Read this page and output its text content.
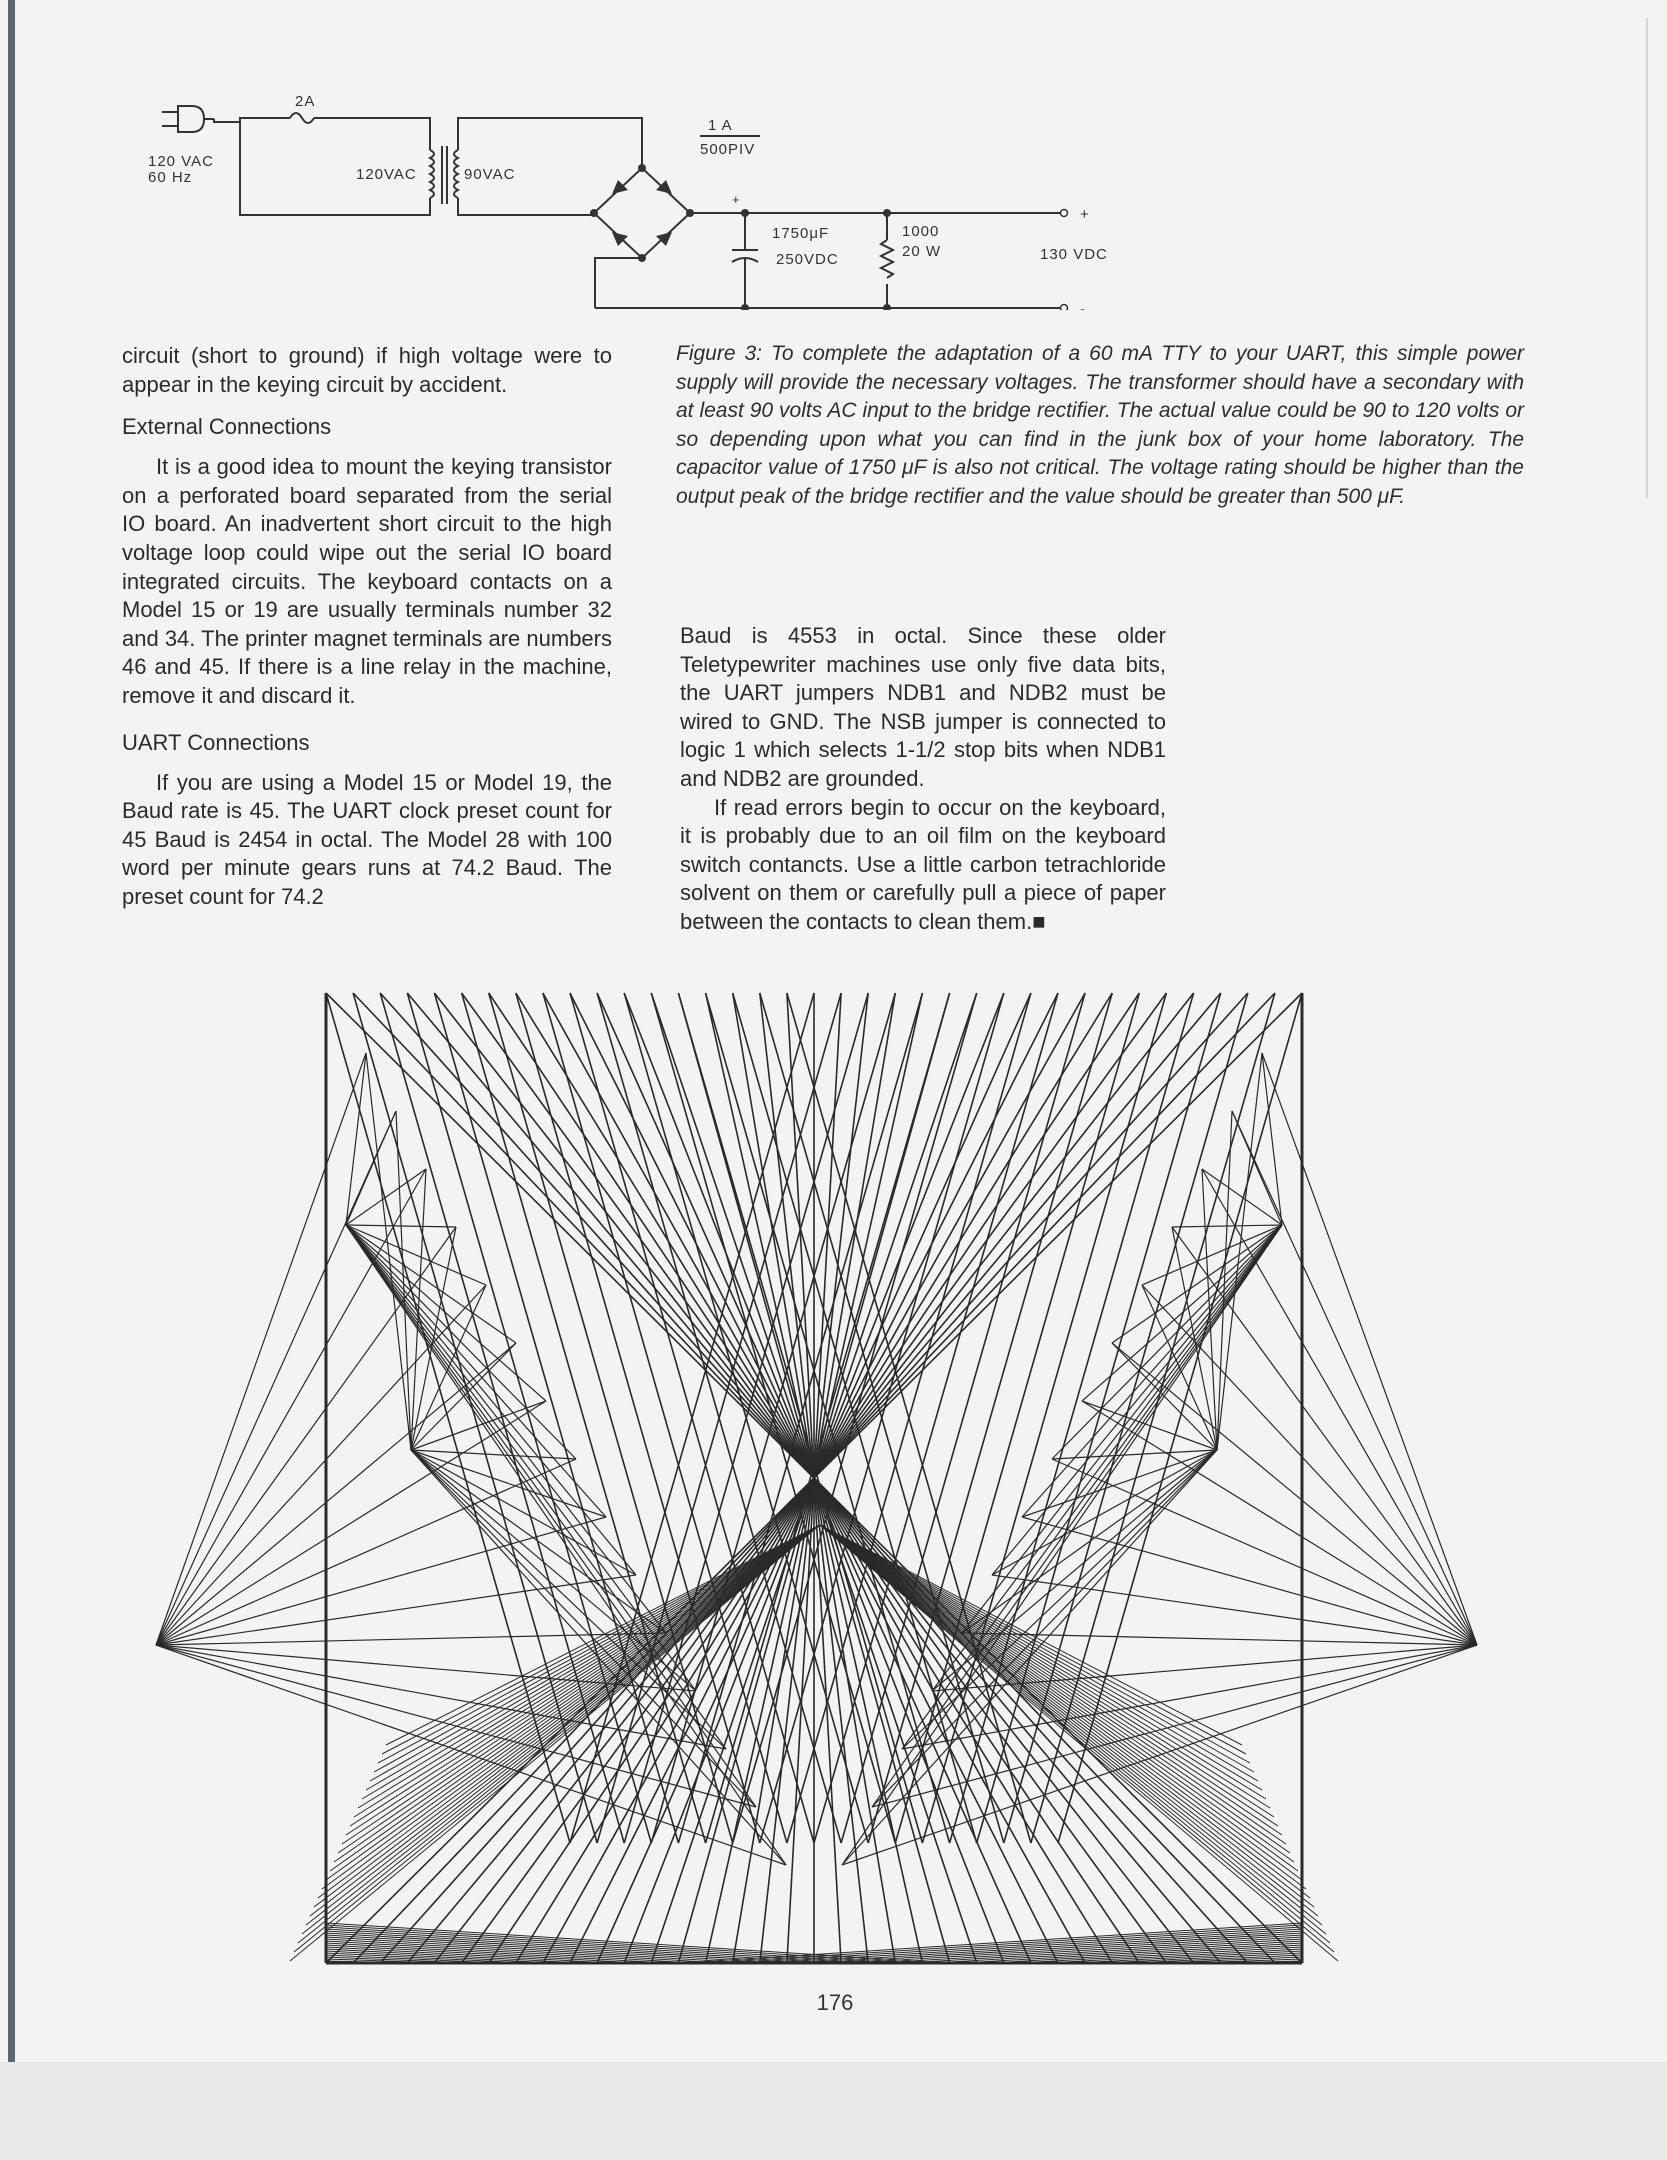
2A
120 VAC
60 Hz	120VAC	90VAC
1 A
500PIV
1750μF
250VDC
1000
20 W	130 VDC
+
-
+

circuit (short to ground) if high voltage were to appear in the keying circuit by accident.

External Connections

It is a good idea to mount the keying transistor on a perforated board separated from the serial IO board. An inadvertent short circuit to the high voltage loop could wipe out the serial IO board integrated circuits. The keyboard contacts on a Model 15 or 19 are usually terminals number 32 and 34. The printer magnet terminals are numbers 46 and 45. If there is a line relay in the machine, remove it and discard it.

UART Connections

If you are using a Model 15 or Model 19, the Baud rate is 45. The UART clock preset count for 45 Baud is 2454 in octal. The Model 28 with 100 word per minute gears runs at 74.2 Baud. The preset count for 74.2

Figure 3: To complete the adaptation of a 60 mA TTY to your UART, this simple power supply will provide the necessary voltages. The transformer should have a secondary with at least 90 volts AC input to the bridge rectifier. The actual value could be 90 to 120 volts or so depending upon what you can find in the junk box of your home laboratory. The capacitor value of 1750 μF is also not critical. The voltage rating should be higher than the output peak of the bridge rectifier and the value should be greater than 500 μF.

Baud is 4553 in octal. Since these older Teletypewriter machines use only five data bits, the UART jumpers NDB1 and NDB2 must be wired to GND. The NSB jumper is connected to logic 1 which selects 1-1/2 stop bits when NDB1 and NDB2 are grounded.

If read errors begin to occur on the keyboard, it is probably due to an oil film on the keyboard switch contancts. Use a little carbon tetrachloride solvent on them or carefully pull a piece of paper between the contacts to clean them.■

176
